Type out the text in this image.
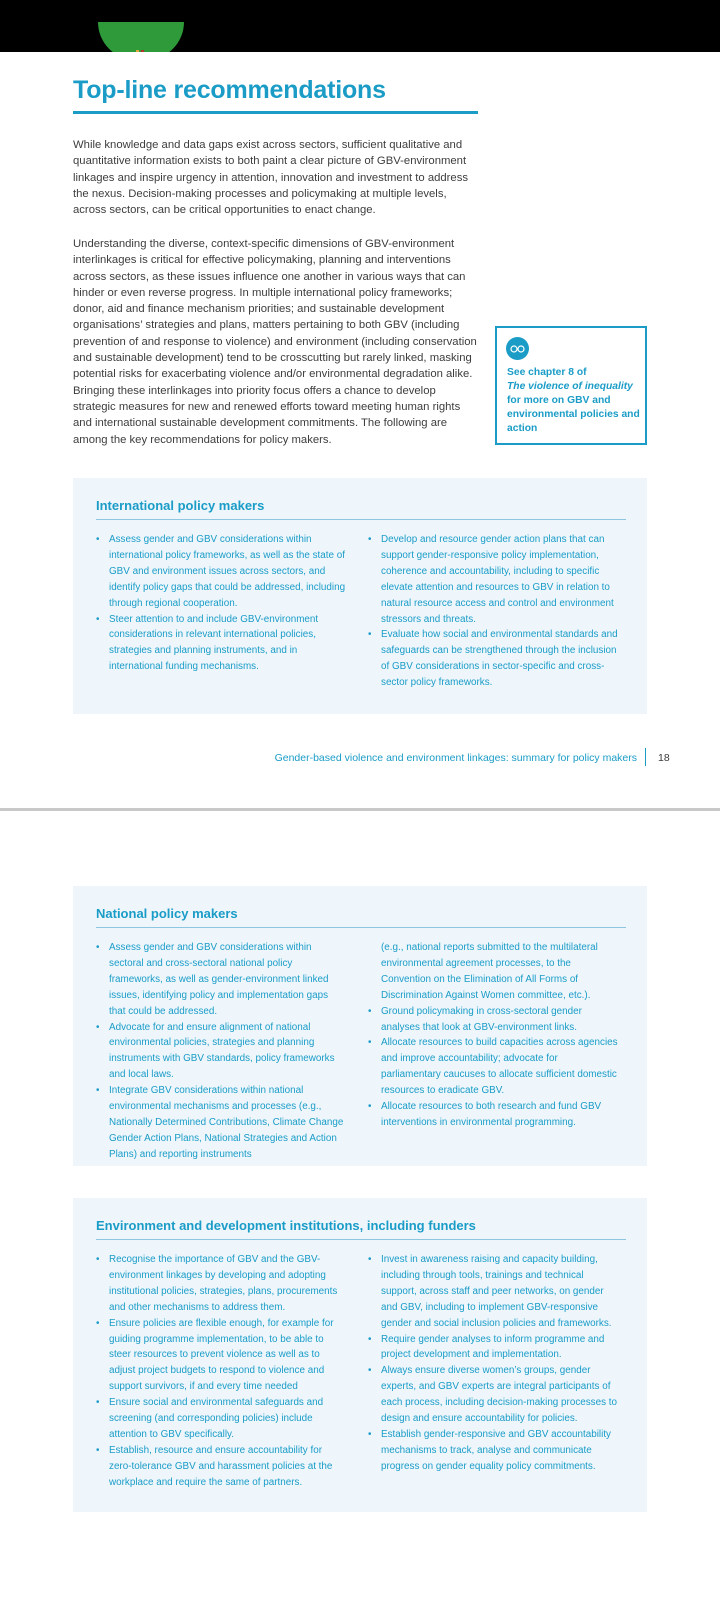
Top-line recommendations

While knowledge and data gaps exist across sectors, sufficient qualitative and quantitative information exists to both paint a clear picture of GBV-environment linkages and inspire urgency in attention, innovation and investment to address the nexus. Decision-making processes and policymaking at multiple levels, across sectors, can be critical opportunities to enact change.

Understanding the diverse, context-specific dimensions of GBV-environment interlinkages is critical for effective policymaking, planning and interventions across sectors, as these issues influence one another in various ways that can hinder or even reverse progress. In multiple international policy frameworks; donor, aid and finance mechanism priorities; and sustainable development organisations’ strategies and plans, matters pertaining to both GBV (including prevention of and response to violence) and environment (including conservation and sustainable development) tend to be crosscutting but rarely linked, masking potential risks for exacerbating violence and/or environmental degradation alike. Bringing these interlinkages into priority focus offers a chance to develop strategic measures for new and renewed efforts toward meeting human rights and international sustainable development commitments. The following are among the key recommendations for policy makers.

See chapter 8 of
The violence of inequality
for more on GBV and environmental policies and action
International policy makers
• Assess gender and GBV considerations within international policy frameworks, as well as the state of GBV and environment issues across sectors, and identify policy gaps that could be addressed, including through regional cooperation.
• Steer attention to and include GBV-environment considerations in relevant international policies, strategies and planning instruments, and in international funding mechanisms.
• Develop and resource gender action plans that can support gender-responsive policy implementation, coherence and accountability, including to specific elevate attention and resources to GBV in relation to natural resource access and control and environment stressors and threats.
• Evaluate how social and environmental standards and safeguards can be strengthened through the inclusion of GBV considerations in sector-specific and cross-sector policy frameworks.
Gender-based violence and environment linkages: summary for policy makers 18
National policy makers
• Assess gender and GBV considerations within sectoral and cross-sectoral national policy frameworks, as well as gender-environment linked issues, identifying policy and implementation gaps that could be addressed.
• Advocate for and ensure alignment of national environmental policies, strategies and planning instruments with GBV standards, policy frameworks and local laws.
• Integrate GBV considerations within national environmental mechanisms and processes (e.g., Nationally Determined Contributions, Climate Change Gender Action Plans, National Strategies and Action Plans) and reporting instruments
(e.g., national reports submitted to the multilateral environmental agreement processes, to the Convention on the Elimination of All Forms of Discrimination Against Women committee, etc.).
• Ground policymaking in cross-sectoral gender analyses that look at GBV-environment links.
• Allocate resources to build capacities across agencies and improve accountability; advocate for parliamentary caucuses to allocate sufficient domestic resources to eradicate GBV.
• Allocate resources to both research and fund GBV interventions in environmental programming.
Environment and development institutions, including funders
• Recognise the importance of GBV and the GBV-environment linkages by developing and adopting institutional policies, strategies, plans, procurements and other mechanisms to address them.
• Ensure policies are flexible enough, for example for guiding programme implementation, to be able to steer resources to prevent violence as well as to adjust project budgets to respond to violence and support survivors, if and every time needed
• Ensure social and environmental safeguards and screening (and corresponding policies) include attention to GBV specifically.
• Establish, resource and ensure accountability for zero-tolerance GBV and harassment policies at the workplace and require the same of partners.
• Invest in awareness raising and capacity building, including through tools, trainings and technical support, across staff and peer networks, on gender and GBV, including to implement GBV-responsive gender and social inclusion policies and frameworks.
• Require gender analyses to inform programme and project development and implementation.
• Always ensure diverse women’s groups, gender experts, and GBV experts are integral participants of each process, including decision-making processes to design and ensure accountability for policies.
• Establish gender-responsive and GBV accountability mechanisms to track, analyse and communicate progress on gender equality policy commitments.
